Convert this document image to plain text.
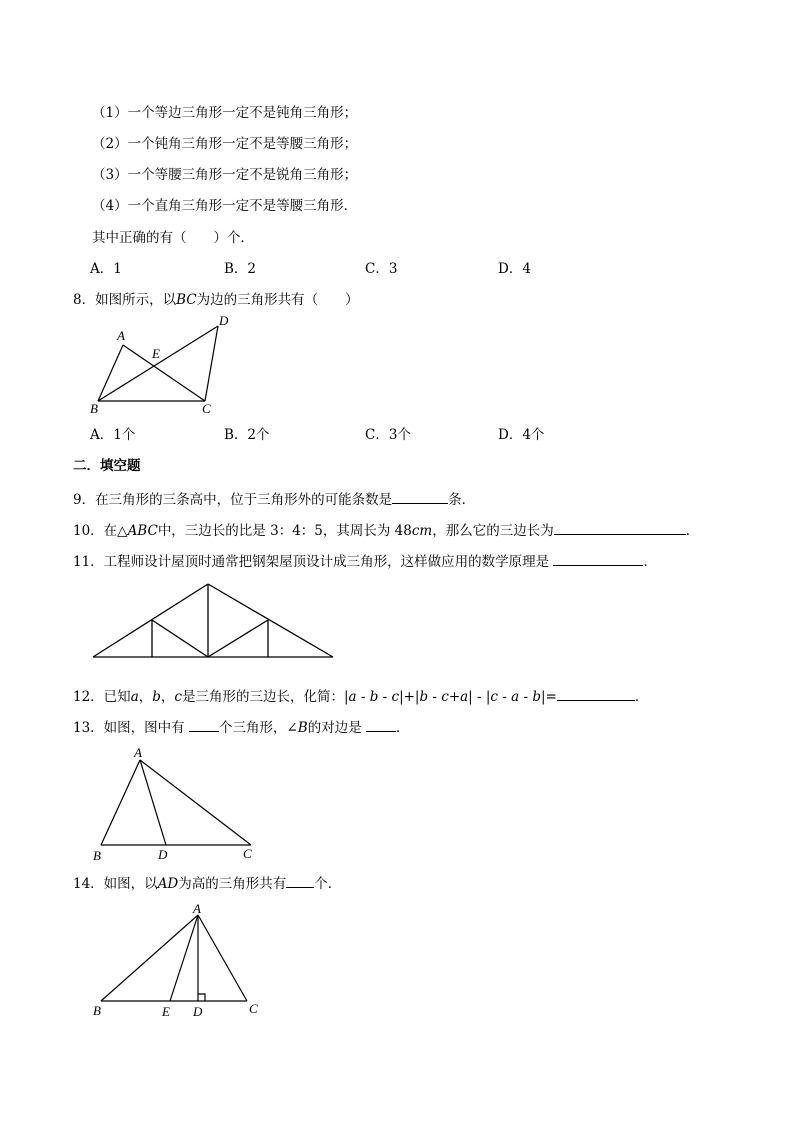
（1）一个等边三角形一定不是钝角三角形；
（2）一个钝角三角形一定不是等腰三角形；
（3）一个等腰三角形一定不是锐角三角形；
（4）一个直角三角形一定不是等腰三角形．
其中正确的有（　　）个．
A．1	B．2	C．3	D．4
8．如图所示，以BC为边的三角形共有（　　）
A
D
E
B	C
A．1个	B．2个	C．3个	D．4个
二．填空题
9．在三角形的三条高中，位于三角形外的可能条数是	条．
10．在△ABC中，三边长的比是 3：4：5，其周长为 48cm，那么它的三边长为	．
11．工程师设计屋顶时通常把钢架屋顶设计成三角形，这样做应用的数学原理是	．
12．已知a，b，c是三角形的三边长，化简：|a - b - c|+|b - c+a| - |c - a - b|=	．
13．如图，图中有	个三角形，∠B的对边是	．
A
B	D	C
14．如图，以AD为高的三角形共有 个．
A
B	E D	C
